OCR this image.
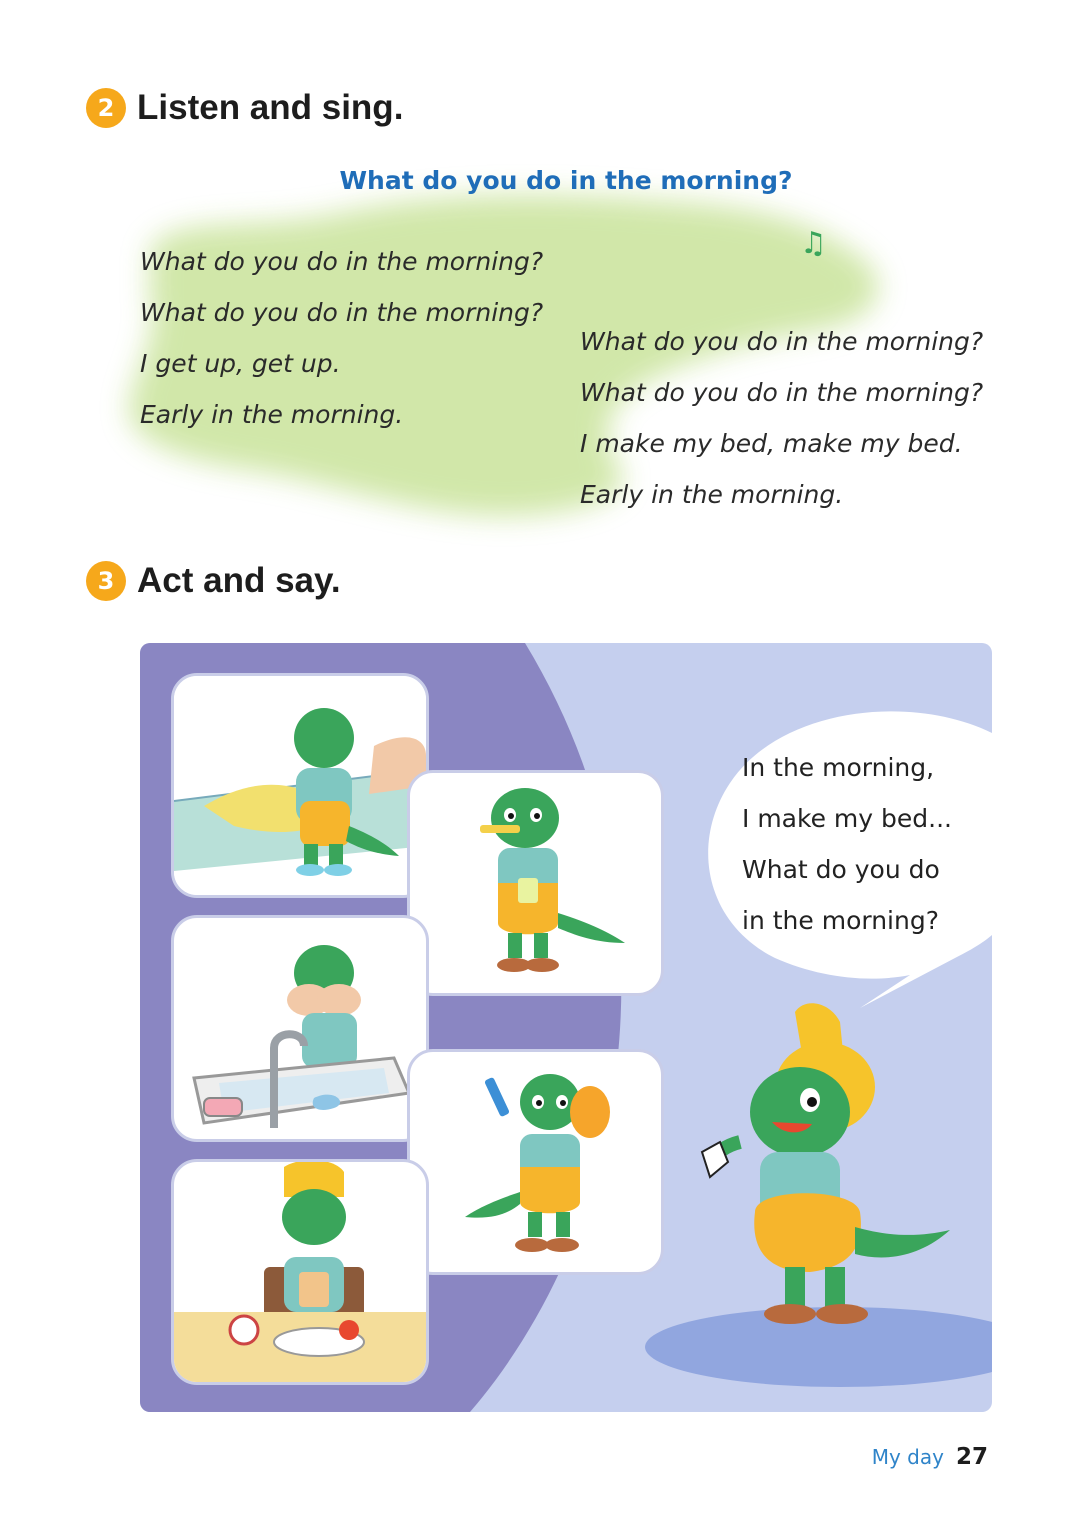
2 Listen and sing.
What do you do in the morning?
♫
What do you do in the morning?
What do you do in the morning?
I get up, get up.
Early in the morning.
What do you do in the morning?
What do you do in the morning?
I make my bed, make my bed.
Early in the morning.
3 Act and say.
In the morning,
I make my bed...
What do you do
in the morning?
My day 27
